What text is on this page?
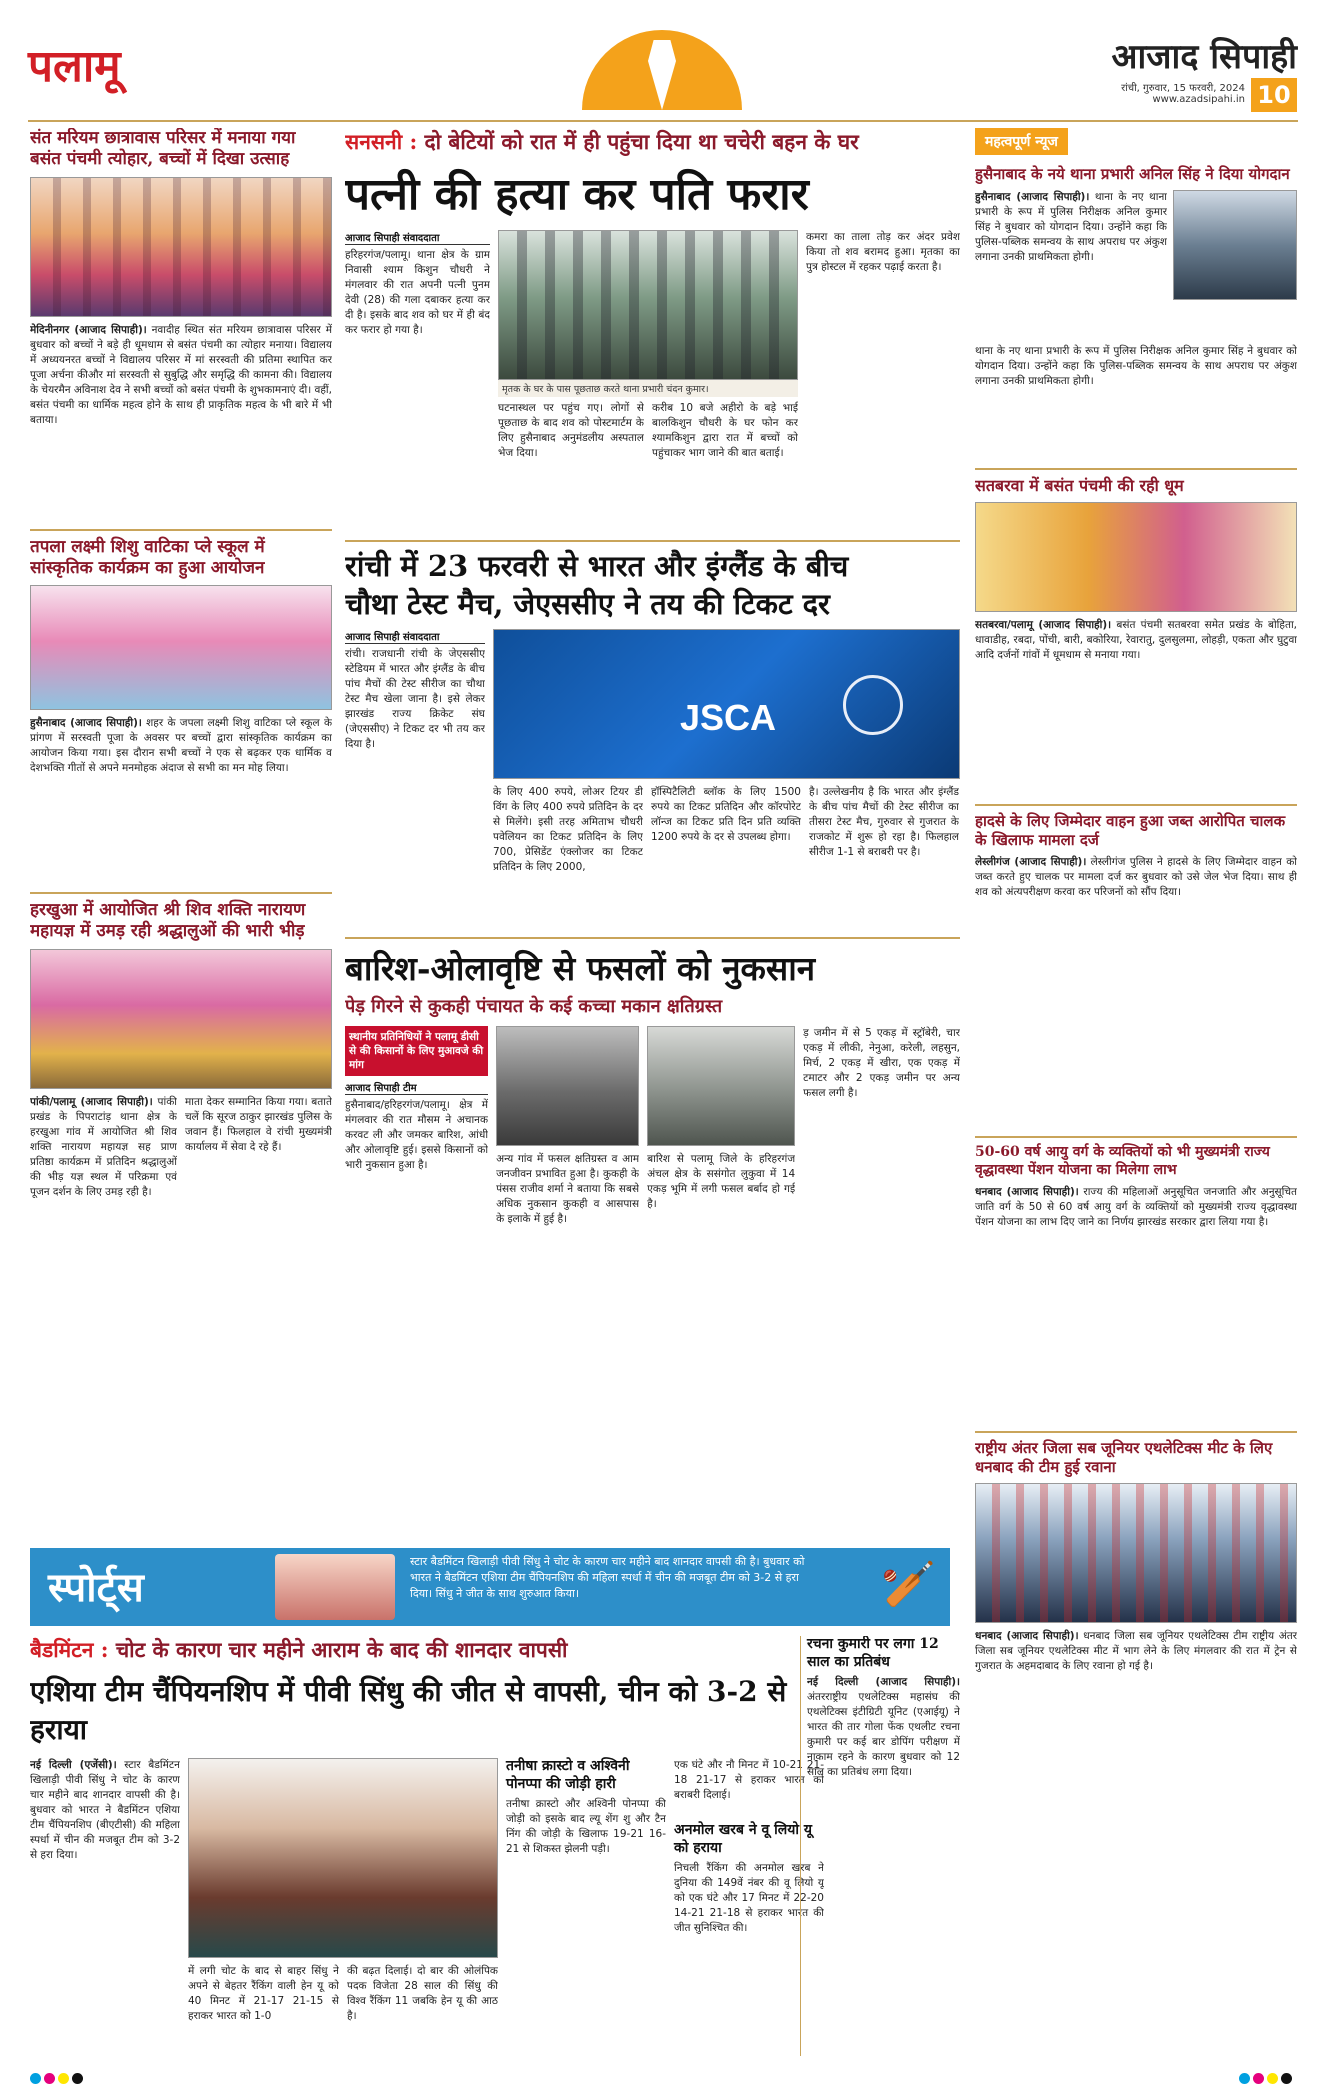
पलामू	आजाद सिपाही
रांची, गुरुवार, 15 फरवरी, 2024
www.azadsipahi.in 10
संत मरियम छात्रावास परिसर में मनाया गया बसंत पंचमी त्योहार, बच्चों में दिखा उत्साह
मेदिनीनगर (आजाद सिपाही)। नवादीह स्थित संत मरियम छात्रावास परिसर में बुधवार को बच्चों ने बड़े ही धूमधाम से बसंत पंचमी का त्योहार मनाया। विद्यालय में अध्ययनरत बच्चों ने विद्यालय परिसर में मां सरस्वती की प्रतिमा स्थापित कर पूजा अर्चना कीऔर मां सरस्वती से सुबुद्धि और समृद्धि की कामना की। विद्यालय के चेयरमैन अविनाश देव ने सभी बच्चों को बसंत पंचमी के शुभकामनाएं दी। वहीं, बसंत पंचमी का धार्मिक महत्व होने के साथ ही प्राकृतिक महत्व के भी बारे में भी बताया।
तपला लक्ष्मी शिशु वाटिका प्ले स्कूल में सांस्कृतिक कार्यक्रम का हुआ आयोजन
हुसैनाबाद (आजाद सिपाही)। शहर के जपला लक्ष्मी शिशु वाटिका प्ले स्कूल के प्रांगण में सरस्वती पूजा के अवसर पर बच्चों द्वारा सांस्कृतिक कार्यक्रम का आयोजन किया गया। इस दौरान सभी बच्चों ने एक से बढ़कर एक धार्मिक व देशभक्ति गीतों से अपने मनमोहक अंदाज से सभी का मन मोह लिया।
हरखुआ में आयोजित श्री शिव शक्ति नारायण महायज्ञ में उमड़ रही श्रद्धालुओं की भारी भीड़
पांकी/पलामू (आजाद सिपाही)। पांकी प्रखंड के पिपराटांड़ थाना क्षेत्र के हरखुआ गांव में आयोजित श्री शिव शक्ति नारायण महायज्ञ सह प्राण प्रतिष्ठा कार्यक्रम में प्रतिदिन श्रद्धालुओं की भीड़ यज्ञ स्थल में परिक्रमा एवं पूजन दर्शन के लिए उमड़ रही है।
माता देकर सम्मानित किया गया। बताते चलें कि सूरज ठाकुर झारखंड पुलिस के जवान हैं। फिलहाल वे रांची मुख्यमंत्री कार्यालय में सेवा दे रहे हैं।
सनसनी : दो बेटियों को रात में ही पहुंचा दिया था चचेरी बहन के घर
पत्नी की हत्या कर पति फरार
आजाद सिपाही संवाददाता
हरिहरगंज/पलामू। थाना क्षेत्र के ग्राम निवासी श्याम किशुन चौधरी ने मंगलवार की रात अपनी पत्नी पुनम देवी (28) की गला दबाकर हत्या कर दी है। इसके बाद शव को घर में ही बंद कर फरार हो गया है।
मृतक के घर के पास पूछताछ करते थाना प्रभारी चंदन कुमार।
घटनास्थल पर पहुंच गए। लोगों से पूछताछ के बाद शव को पोस्टमार्टम के लिए हुसैनाबाद अनुमंडलीय अस्पताल भेज दिया।
करीब 10 बजे अहीरो के बड़े भाई बालकिशुन चौधरी के घर फोन कर श्यामकिशुन द्वारा रात में बच्चों को पहुंचाकर भाग जाने की बात बताई।
कमरा का ताला तोड़ कर अंदर प्रवेश किया तो शव बरामद हुआ। मृतका का पुत्र होस्टल में रहकर पढ़ाई करता है।
रांची में 23 फरवरी से भारत और इंग्लैंड के बीच
चौथा टेस्ट मैच, जेएससीए ने तय की टिकट दर
आजाद सिपाही संवाददाता
रांची। राजधानी रांची के जेएससीए स्टेडियम में भारत और इंग्लैंड के बीच पांच मैचों की टेस्ट सीरीज का चौथा टेस्ट मैच खेला जाना है। इसे लेकर झारखंड राज्य क्रिकेट संघ (जेएससीए) ने टिकट दर भी तय कर दिया है।
JSCA
के लिए 400 रुपये, लोअर टियर डी विंग के लिए 400 रुपये प्रतिदिन के दर से मिलेंगे। इसी तरह अमिताभ चौधरी पवेलियन का टिकट प्रतिदिन के लिए 700, प्रेसिडेंट एंक्लोजर का टिकट प्रतिदिन के लिए 2000,
हॉस्पिटैलिटी ब्लॉक के लिए 1500 रुपये का टिकट प्रतिदिन और कॉरपोरेट लॉन्ज का टिकट प्रति दिन प्रति व्यक्ति 1200 रुपये के दर से उपलब्ध होगा।
है। उल्लेखनीय है कि भारत और इंग्लैंड के बीच पांच मैचों की टेस्ट सीरीज का तीसरा टेस्ट मैच, गुरुवार से गुजरात के राजकोट में शुरू हो रहा है। फिलहाल सीरीज 1-1 से बराबरी पर है।
बारिश-ओलावृष्टि से फसलों को नुकसान
पेड़ गिरने से कुकही पंचायत के कई कच्चा मकान क्षतिग्रस्त
स्थानीय प्रतिनिधियों ने पलामू डीसी से की किसानों के लिए मुआवजे की मांग
आजाद सिपाही टीम
हुसैनाबाद/हरिहरगंज/पलामू। क्षेत्र में मंगलवार की रात मौसम ने अचानक करवट ली और जमकर बारिश, आंधी और ओलावृष्टि हुई। इससे किसानों को भारी नुकसान हुआ है।	अन्य गांव में फसल क्षतिग्रस्त व आम जनजीवन प्रभावित हुआ है। कुकही के पंसस राजीव शर्मा ने बताया कि सबसे अधिक नुकसान कुकही व आसपास के इलाके में हुई है।
बारिश से पलामू जिले के हरिहरगंज अंचल क्षेत्र के ससंगोत लुकुवा में 14 एकड़ भूमि में लगी फसल बर्बाद हो गई है।
ड़ जमीन में से 5 एकड़ में स्ट्रॉबेरी, चार एकड़ में लीकी, नेनुआ, करेली, लहसुन, मिर्च, 2 एकड़ में खीरा, एक एकड़ में टमाटर और 2 एकड़ जमीन पर अन्य फसल लगी है।
महत्वपूर्ण न्यूज
हुसैनाबाद के नये थाना प्रभारी अनिल सिंह ने दिया योगदान
हुसैनाबाद (आजाद सिपाही)। थाना के नए थाना प्रभारी के रूप में पुलिस निरीक्षक अनिल कुमार सिंह ने बुधवार को योगदान दिया। उन्होंने कहा कि पुलिस-पब्लिक समन्वय के साथ अपराध पर अंकुश लगाना उनकी प्राथमिकता होगी।
थाना के नए थाना प्रभारी के रूप में पुलिस निरीक्षक अनिल कुमार सिंह ने बुधवार को योगदान दिया। उन्होंने कहा कि पुलिस-पब्लिक समन्वय के साथ अपराध पर अंकुश लगाना उनकी प्राथमिकता होगी।
सतबरवा में बसंत पंचमी की रही धूम
सतबरवा/पलामू (आजाद सिपाही)। बसंत पंचमी सतबरवा समेत प्रखंड के बोहिता, धावाडीह, रबदा, पोंची, बारी, बकोरिया, रेवारातु, दुलसुलमा, लोहड़ी, एकता और घुटुवा आदि दर्जनों गांवों में धूमधाम से मनाया गया।
हादसे के लिए जिम्मेदार वाहन हुआ जब्त आरोपित चालक के खिलाफ मामला दर्ज
लेस्लीगंज (आजाद सिपाही)। लेस्लीगंज पुलिस ने हादसे के लिए जिम्मेदार वाहन को जब्त करते हुए चालक पर मामला दर्ज कर बुधवार को उसे जेल भेज दिया। साथ ही शव को अंत्यपरीक्षण करवा कर परिजनों को सौंप दिया।
50-60 वर्ष आयु वर्ग के व्यक्तियों को भी मुख्यमंत्री राज्य वृद्धावस्था पेंशन योजना का मिलेगा लाभ
धनबाद (आजाद सिपाही)। राज्य की महिलाओं अनुसूचित जनजाति और अनुसूचित जाति वर्ग के 50 से 60 वर्ष आयु वर्ग के व्यक्तियों को मुख्यमंत्री राज्य वृद्धावस्था पेंशन योजना का लाभ दिए जाने का निर्णय झारखंड सरकार द्वारा लिया गया है।
राष्ट्रीय अंतर जिला सब जूनियर एथलेटिक्स मीट के लिए धनबाद की टीम हुई रवाना
धनबाद (आजाद सिपाही)। धनबाद जिला सब जूनियर एथलेटिक्स टीम राष्ट्रीय अंतर जिला सब जूनियर एथलेटिक्स मीट में भाग लेने के लिए मंगलवार की रात में ट्रेन से गुजरात के अहमदाबाद के लिए रवाना हो गई है।
स्पोर्ट्स
स्टार बैडमिंटन खिलाड़ी पीवी सिंधु ने चोट के कारण चार महीने बाद शानदार वापसी की है। बुधवार को भारत ने बैडमिंटन एशिया टीम चैंपियनशिप की महिला स्पर्धा में चीन की मजबूत टीम को 3-2 से हरा दिया। सिंधु ने जीत के साथ शुरुआत किया।	🏏
बैडमिंटन : चोट के कारण चार महीने आराम के बाद की शानदार वापसी
एशिया टीम चैंपियनशिप में पीवी सिंधु की जीत से वापसी, चीन को 3-2 से हराया
नई दिल्ली (एजेंसी)। स्टार बैडमिंटन खिलाड़ी पीवी सिंधु ने चोट के कारण चार महीने बाद शानदार वापसी की है। बुधवार को भारत ने बैडमिंटन एशिया टीम चैंपियनशिप (बीएटीसी) की महिला स्पर्धा में चीन की मजबूत टीम को 3-2 से हरा दिया।
में लगी चोट के बाद से बाहर सिंधु ने अपने से बेहतर रैंकिंग वाली हेन यू को 40 मिनट में 21-17 21-15 से हराकर भारत को 1-0
की बढ़त दिलाई। दो बार की ओलंपिक पदक विजेता 28 साल की सिंधु की विश्व रैंकिंग 11 जबकि हेन यू की आठ है।
तनीषा क्रास्टो व अश्विनी पोनप्पा की जोड़ी हारी
तनीषा क्रास्टो और अश्विनी पोनप्पा की जोड़ी को इसके बाद ल्यू शेंग शु और टैन निंग की जोड़ी के खिलाफ 19-21 16-21 से शिकस्त झेलनी पड़ी।
एक घंटे और नौ मिनट में 10-21 21-18 21-17 से हराकर भारत को बराबरी दिलाई।
अनमोल खरब ने वू लियो यू को हराया
निचली रैंकिंग की अनमोल खरब ने दुनिया की 149वें नंबर की वू लियो यू को एक घंटे और 17 मिनट में 22-20 14-21 21-18 से हराकर भारत की जीत सुनिश्चित की।
रचना कुमारी पर लगा 12 साल का प्रतिबंध
नई दिल्ली (आजाद सिपाही)। अंतरराष्ट्रीय एथलेटिक्स महासंघ की एथलेटिक्स इंटीग्रिटी यूनिट (एआईयू) ने भारत की तार गोला फेंक एथलीट रचना कुमारी पर कई बार डोपिंग परीक्षण में नाकाम रहने के कारण बुधवार को 12 साल का प्रतिबंध लगा दिया।
